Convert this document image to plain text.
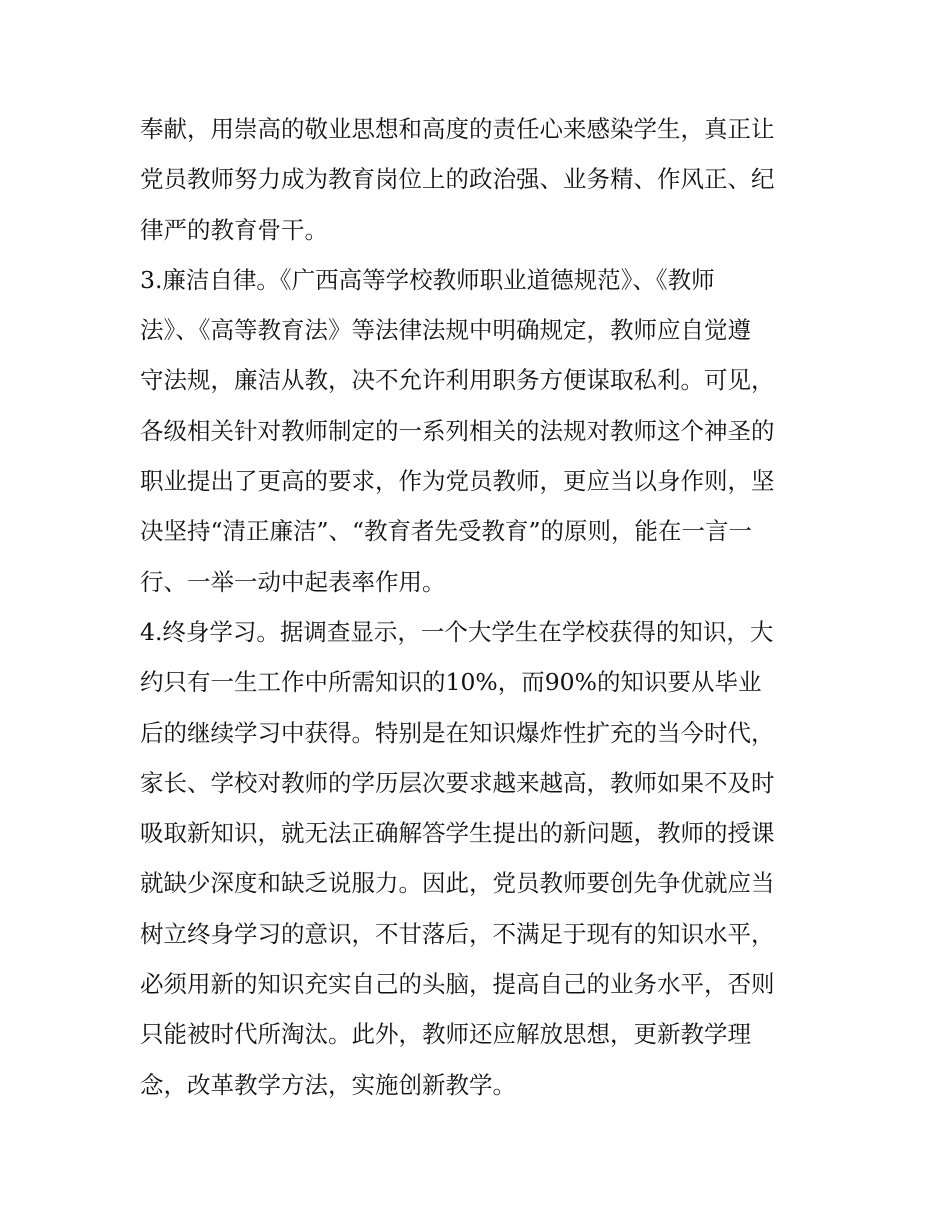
奉献，用崇高的敬业思想和高度的责任心来感染学生，真正让
党员教师努力成为教育岗位上的政治强、业务精、作风正、纪
律严的教育骨干。
3.廉洁自律。《广西高等学校教师职业道德规范》、《教师
法》、《高等教育法》等法律法规中明确规定，教师应自觉遵
守法规，廉洁从教，决不允许利用职务方便谋取私利。可见，
各级相关针对教师制定的一系列相关的法规对教师这个神圣的
职业提出了更高的要求，作为党员教师，更应当以身作则，坚
决坚持“清正廉洁”、“教育者先受教育”的原则，能在一言一
行、一举一动中起表率作用。
4.终身学习。据调查显示，一个大学生在学校获得的知识，大
约只有一生工作中所需知识的10%，而90%的知识要从毕业
后的继续学习中获得。特别是在知识爆炸性扩充的当今时代，
家长、学校对教师的学历层次要求越来越高，教师如果不及时
吸取新知识，就无法正确解答学生提出的新问题，教师的授课
就缺少深度和缺乏说服力。因此，党员教师要创先争优就应当
树立终身学习的意识，不甘落后，不满足于现有的知识水平，
必须用新的知识充实自己的头脑，提高自己的业务水平，否则
只能被时代所淘汰。此外，教师还应解放思想，更新教学理
念，改革教学方法，实施创新教学。
